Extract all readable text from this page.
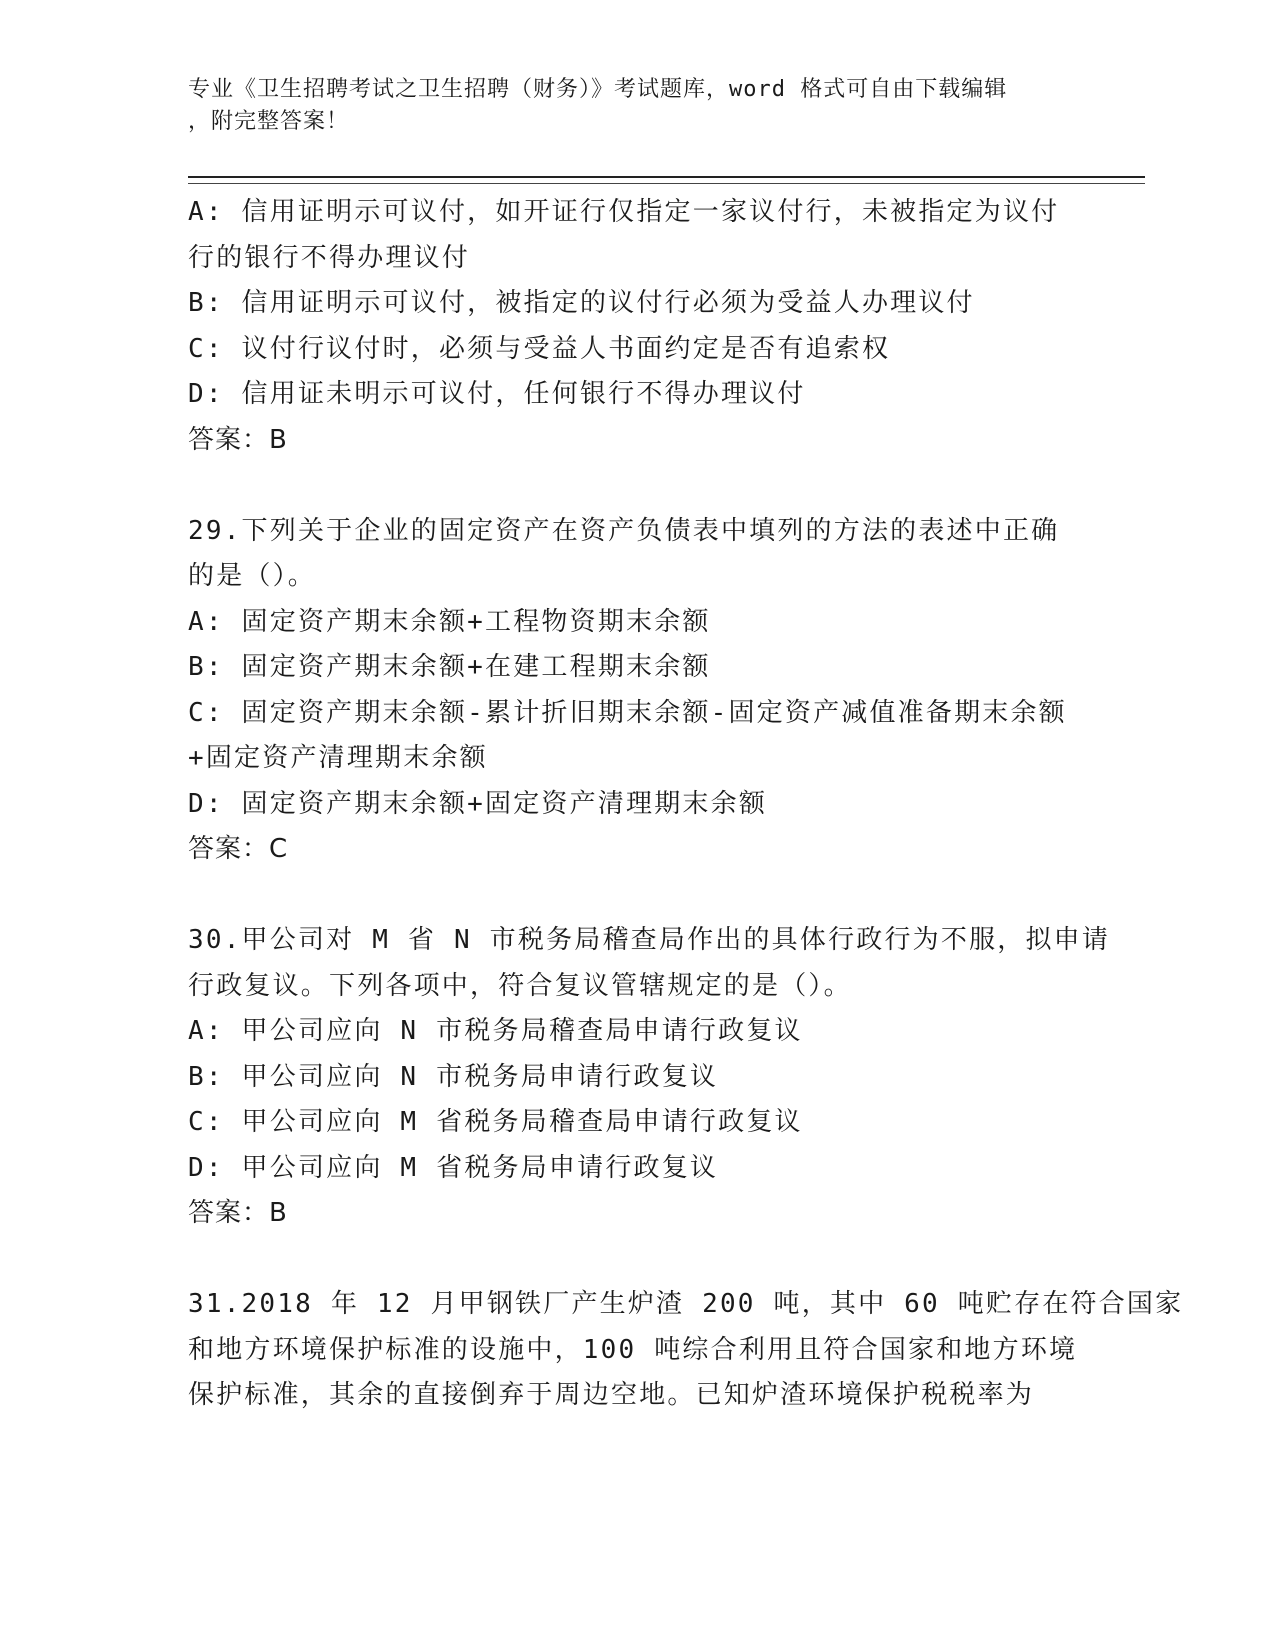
专业《卫生招聘考试之卫生招聘（财务）》考试题库，word 格式可自由下载编辑
，附完整答案！
A: 信用证明示可议付，如开证行仅指定一家议付行，未被指定为议付
行的银行不得办理议付
B: 信用证明示可议付，被指定的议付行必须为受益人办理议付
C: 议付行议付时，必须与受益人书面约定是否有追索权
D: 信用证未明示可议付，任何银行不得办理议付
答案：B
29.下列关于企业的固定资产在资产负债表中填列的方法的表述中正确
的是（）。
A: 固定资产期末余额+工程物资期末余额
B: 固定资产期末余额+在建工程期末余额
C: 固定资产期末余额-累计折旧期末余额-固定资产减值准备期末余额
+固定资产清理期末余额
D: 固定资产期末余额+固定资产清理期末余额
答案：C
30.甲公司对 M 省 N 市税务局稽查局作出的具体行政行为不服，拟申请
行政复议。下列各项中，符合复议管辖规定的是（）。
A: 甲公司应向 N 市税务局稽查局申请行政复议
B: 甲公司应向 N 市税务局申请行政复议
C: 甲公司应向 M 省税务局稽查局申请行政复议
D: 甲公司应向 M 省税务局申请行政复议
答案：B
31.2018 年 12 月甲钢铁厂产生炉渣 200 吨，其中 60 吨贮存在符合国家
和地方环境保护标准的设施中，100 吨综合利用且符合国家和地方环境
保护标准，其余的直接倒弃于周边空地。已知炉渣环境保护税税率为
